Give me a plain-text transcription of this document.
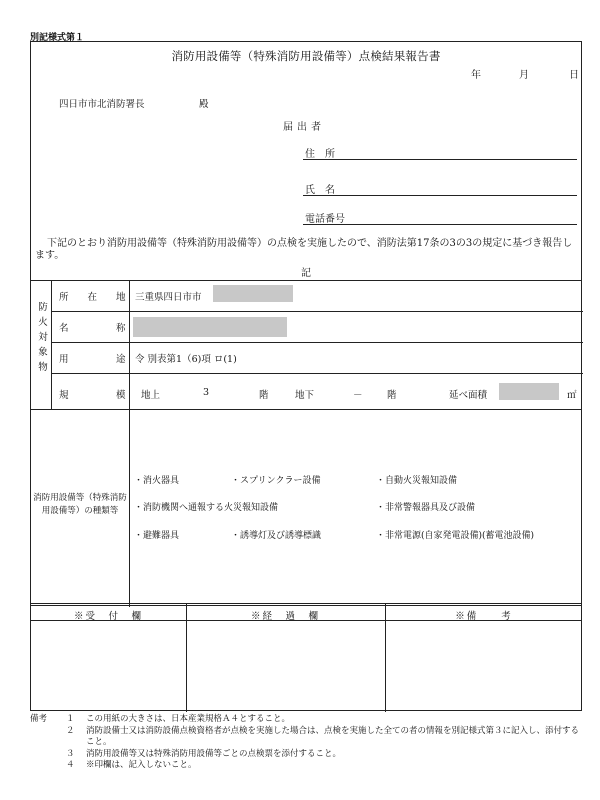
別記様式第１
消防用設備等（特殊消防用設備等）点検結果報告書
年	月	日
四日市市北消防署長	殿
届出者
住　所
氏　名
電話番号
下記のとおり消防用設備等（特殊消防用設備等）の点検を実施したので、消防法第17条の3の3の規定に基づき報告します。
記
防
火
対
象
物
所　　在　　地 三重県四日市市
名　　　　　称
用　　　　　途 令 別表第1（6)項 ロ(1)
規　　　　　模 地上	3	階	地下	－	階	延べ面積	㎡
消防用設備等（特殊消防用設備等）の種類等
・消火器具	・スプリンクラー設備	・自動火災報知設備
・消防機関へ通報する火災報知設備	・非常警報器具及び設備
・避難器具	・誘導灯及び誘導標識	・非常電源(自家発電設備)(蓄電池設備)
※受　付　欄	※経　過　欄	※備　　考
備考 １ この用紙の大きさは、日本産業規格Ａ４とすること。
２ 消防設備士又は消防設備点検資格者が点検を実施した場合は、点検を実施した全ての者の情報を別記様式第３に記入し、添付すること。
３ 消防用設備等又は特殊消防用設備等ごとの点検票を添付すること。
４ ※印欄は、記入しないこと。
